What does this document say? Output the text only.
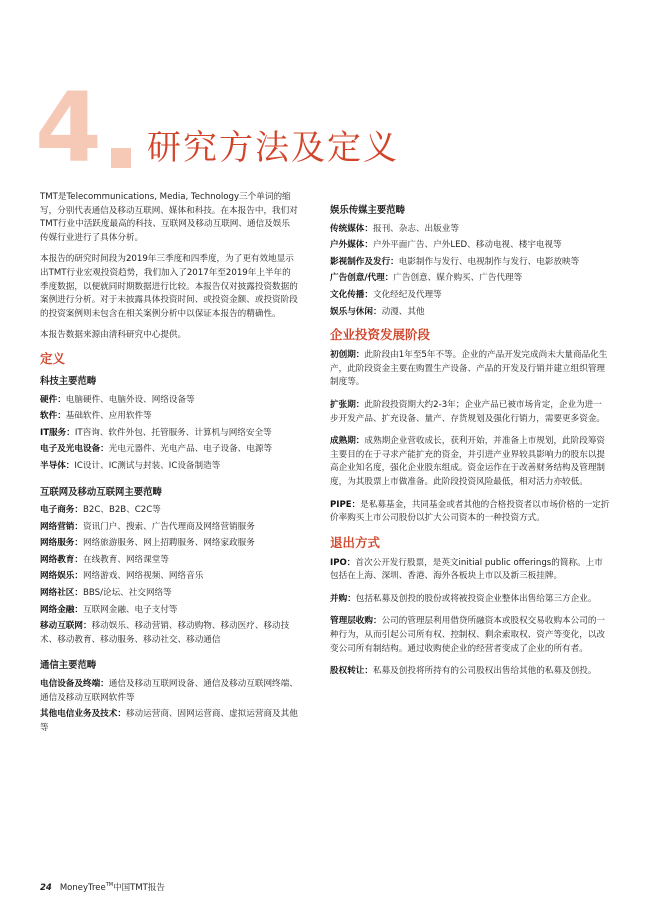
4 研究方法及定义

TMT是Telecommunications, Media, Technology三个单词的缩写，分别代表通信及移动互联网、媒体和科技。在本报告中，我们对TMT行业中活跃度最高的科技、互联网及移动互联网、通信及娱乐传媒行业进行了具体分析。

本报告的研究时间段为2019年三季度和四季度，为了更有效地显示出TMT行业宏观投资趋势，我们加入了2017年至2019年上半年的季度数据，以便就同时期数据进行比较。本报告仅对披露投资数据的案例进行分析。对于未披露具体投资时间、或投资金额、或投资阶段的投资案例则未包含在相关案例分析中以保证本报告的精确性。

本报告数据来源由清科研究中心提供。

定义
科技主要范畴
硬件：电脑硬件、电脑外设、网络设备等
软件：基础软件、应用软件等
IT服务：IT咨询、软件外包、托管服务、计算机与网络安全等
电子及光电设备：光电元器件、光电产品、电子设备、电源等
半导体：IC设计、IC测试与封装、IC设备制造等
互联网及移动互联网主要范畴
电子商务：B2C、B2B、C2C等
网络营销：资讯门户、搜索、广告代理商及网络营销服务
网络服务：网络旅游服务、网上招聘服务、网络家政服务
网络教育：在线教育、网络课堂等
网络娱乐：网络游戏、网络视频、网络音乐
网络社区：BBS/论坛、社交网络等
网络金融：互联网金融、电子支付等
移动互联网：移动娱乐、移动营销、移动购物、移动医疗、移动技术、移动教育、移动服务、移动社交、移动通信
通信主要范畴
电信设备及终端：通信及移动互联网设备、通信及移动互联网终端、通信及移动互联网软件等
其他电信业务及技术：移动运营商、固网运营商、虚拟运营商及其他等
娱乐传媒主要范畴
传统媒体：报刊、杂志、出版业等
户外媒体：户外平面广告、户外LED、移动电视、楼宇电视等
影视制作及发行：电影制作与发行、电视制作与发行、电影放映等
广告创意/代理：广告创意、媒介购买、广告代理等
文化传播：文化经纪及代理等
娱乐与休闲：动漫、其他
企业投资发展阶段
初创期：此阶段由1年至5年不等。企业的产品开发完成尚未大量商品化生产，此阶段资金主要在购置生产设备、产品的开发及行销并建立组织管理制度等。
扩张期：此阶段投资期大约2-3年；企业产品已被市场肯定，企业为进一步开发产品、扩充设备、量产、存货规划及强化行销力，需要更多资金。
成熟期：成熟期企业营收成长，获利开始，并准备上市规划，此阶段筹资主要目的在于寻求产能扩充的资金，并引进产业界较具影响力的股东以提高企业知名度，强化企业股东组成。资金运作在于改善财务结构及管理制度，为其股票上市做准备。此阶段投资风险最低，相对活力亦较低。
PIPE：是私募基金，共同基金或者其他的合格投资者以市场价格的一定折价率购买上市公司股份以扩大公司资本的一种投资方式。
退出方式
IPO：首次公开发行股票，是英文initial public offerings的简称。上市包括在上海、深圳、香港、海外各板块上市以及新三板挂牌。
并购：包括私募及创投的股份或将被投资企业整体出售给第三方企业。
管理层收购：公司的管理层利用借贷所融资本或股权交易收购本公司的一种行为，从而引起公司所有权、控制权、剩余索取权、资产等变化，以改变公司所有制结构。通过收购使企业的经营者变成了企业的所有者。
股权转让：私募及创投将所持有的公司股权出售给其他的私募及创投。
24 MoneyTree™中国TMT报告
